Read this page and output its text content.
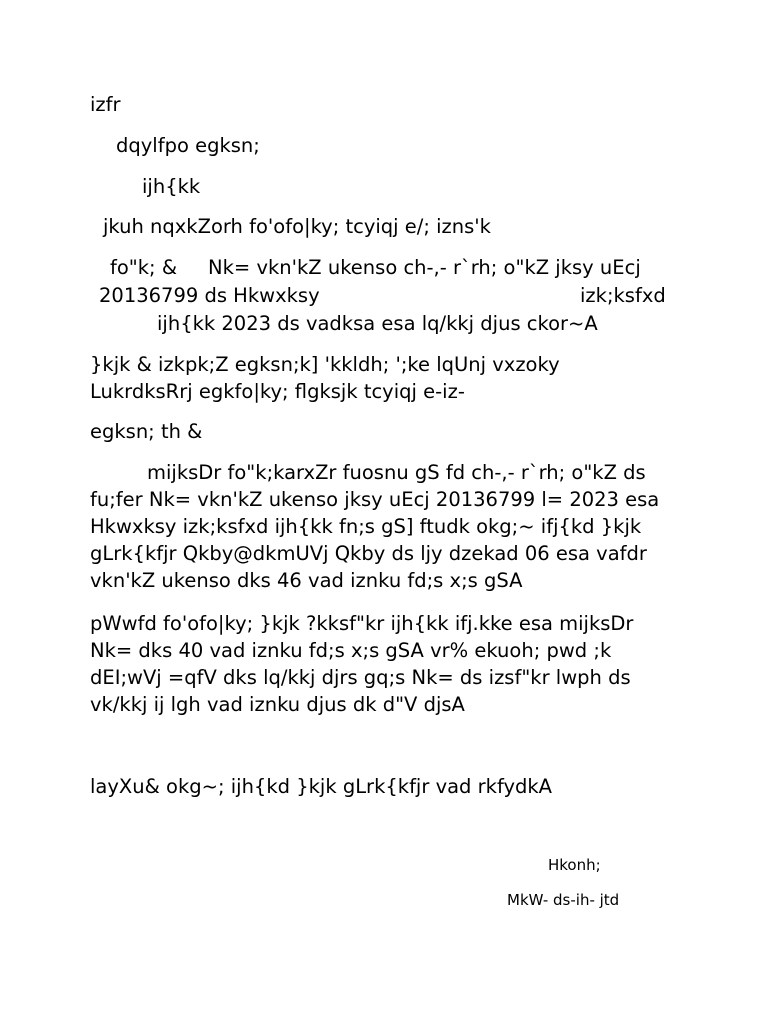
izfr
dqylfpo egksn;
ijh{kk
jkuh nqxkZorh fo'ofo|ky; tcyiqj e/; izns'k
fo"k; &     Nk= vkn'kZ ukenso ch-,- r`rh; o"kZ jksy uEcj
20136799 ds Hkwxksy	izk;ksfxd
ijh{kk 2023 ds vadksa esa lq/kkj djus ckor~A
}kjk & izkpk;Z egksn;k] 'kkldh; ';ke lqUnj vxzoky
LukrdksRrj egkfo|ky; flgksjk tcyiqj e-iz-
egksn; th &
mijksDr fo"k;karxZr fuosnu gS fd ch-,- r`rh; o"kZ ds
fu;fer Nk= vkn'kZ ukenso jksy uEcj 20136799 l= 2023 esa
Hkwxksy izk;ksfxd ijh{kk fn;s gS] ftudk okg;~ ifj{kd }kjk
gLrk{kfjr Qkby@dkmUVj Qkby ds ljy dzekad 06 esa vafdr
vkn'kZ ukenso dks 46 vad iznku fd;s x;s gSA
pWwfd fo'ofo|ky; }kjk ?kksf"kr ijh{kk ifj.kke esa mijksDr
Nk= dks 40 vad iznku fd;s x;s gSA vr% ekuoh; pwd ;k
dEI;wVj =qfV dks lq/kkj djrs gq;s Nk= ds izsf"kr lwph ds
vk/kkj ij lgh vad iznku djus dk d"V djsA
layXu& okg~; ijh{kd }kjk gLrk{kfjr vad rkfydkA
Hkonh;
MkW- ds-ih- jtd
